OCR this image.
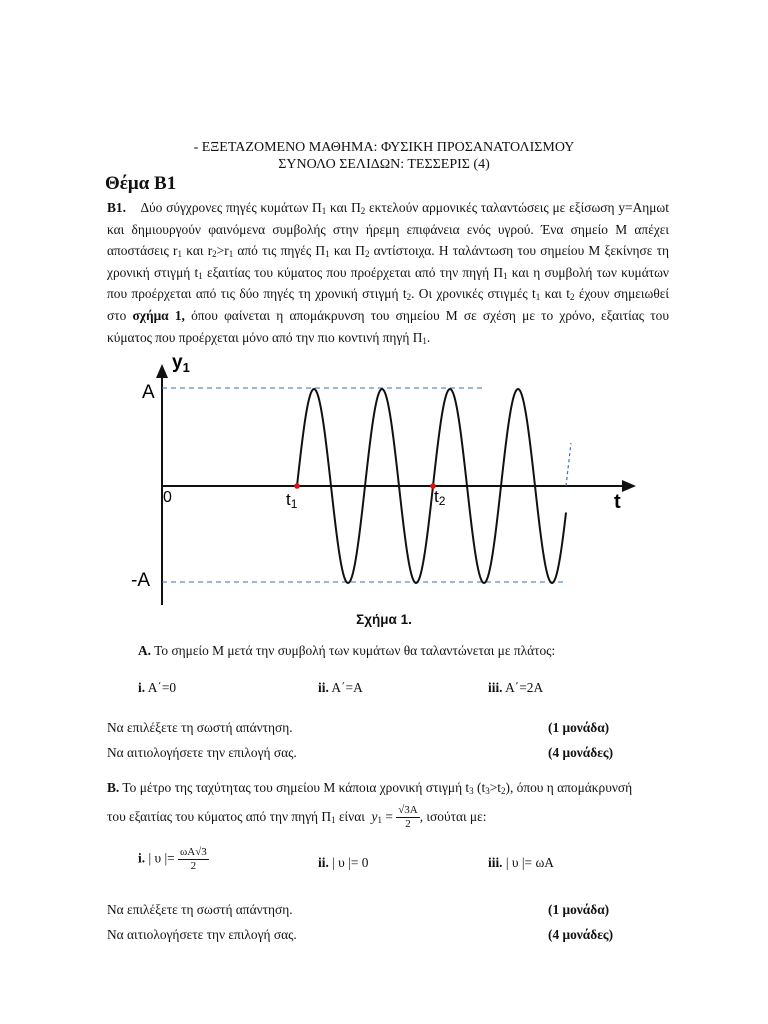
- ΕΞΕΤΑΖΟΜΕΝΟ ΜΑΘΗΜΑ: ΦΥΣΙΚΗ ΠΡΟΣΑΝΑΤΟΛΙΣΜΟΥ
ΣΥΝΟΛΟ ΣΕΛΙΔΩΝ: ΤΕΣΣΕΡΙΣ (4)
Θέμα Β1
Β1. Δύο σύγχρονες πηγές κυμάτων $\Pi_1$ και $\Pi_2$ εκτελούν αρμονικές ταλαντώσεις με εξίσωση y=Aημωt και δημιουργούν φαινόμενα συμβολής στην ήρεμη επιφάνεια ενός υγρού. Ένα σημείο Μ απέχει αποστάσεις $r_1$ και $r_2>r_1$ από τις πηγές $\Pi_1$ και $\Pi_2$ αντίστοιχα. Η ταλάντωση του σημείου Μ ξεκίνησε τη χρονική στιγμή $t_1$ εξαιτίας του κύματος που προέρχεται από την πηγή $\Pi_1$ και η συμβολή των κυμάτων που προέρχεται από τις δύο πηγές τη χρονική στιγμή $t_2$. Οι χρονικές στιγμές $t_1$ και $t_2$ έχουν σημειωθεί στο σχήμα 1, όπου φαίνεται η απομάκρυνση του σημείου Μ σε σχέση με το χρόνο, εξαιτίας του κύματος που προέρχεται μόνο από την πιο κοντινή πηγή $\Pi_1$.
$y_1$
A
-A
0	t
t1	t2
Σχήμα 1.
Α. Το σημείο Μ μετά την συμβολή των κυμάτων θα ταλαντώνεται με πλάτος:
i. A΄=0	ii. A΄=A	iii. A΄=2A
Να επιλέξετε τη σωστή απάντηση.	(1 μονάδα)
Να αιτιολογήσετε την επιλογή σας.	(4 μονάδες)
Β. Το μέτρο της ταχύτητας του σημείου Μ κάποια χρονική στιγμή $t_3$ $(t_3>t_2)$, όπου η απομάκρυνσή
του εξαιτίας του κύματος από την πηγή $\Pi_1$ είναι $y_1 = \frac{√3A}{2}$ , ισούται με:
i. | υ |= $\frac{\omega A√3}{2}$	ii. | υ |= 0	iii. | υ |= ωA
Να επιλέξετε τη σωστή απάντηση.	(1 μονάδα)
Να αιτιολογήσετε την επιλογή σας.	(4 μονάδες)
